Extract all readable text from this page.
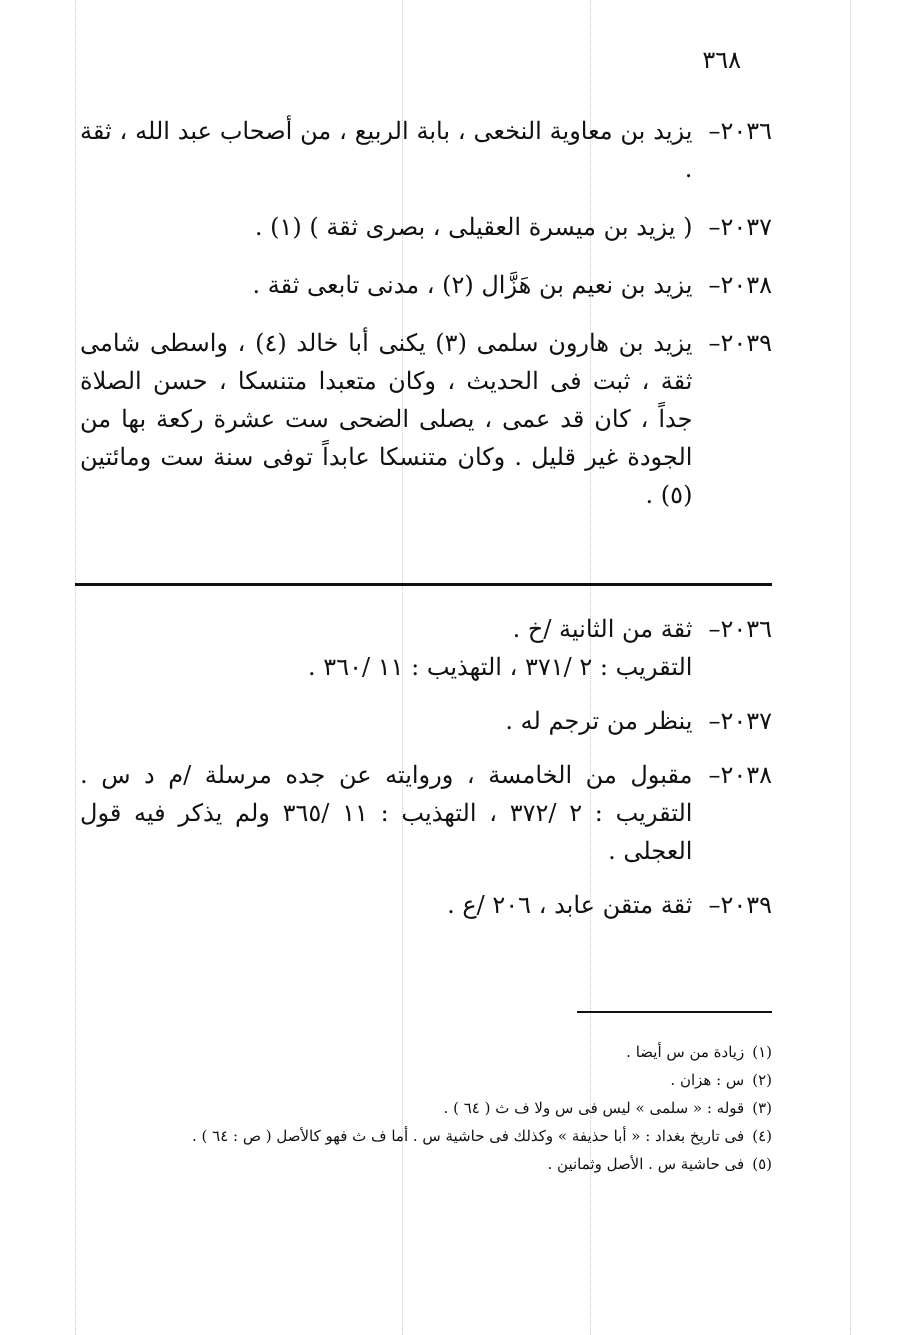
٣٦٨
٢٠٣٦–
يزيد بن معاوية النخعى ، بابة الربيع ، من أصحاب عبد الله ، ثقة .
٢٠٣٧–
( يزيد بن ميسرة العقيلى ، بصرى ثقة ) (١) .
٢٠٣٨–
يزيد بن نعيم بن هَزَّال (٢) ، مدنى تابعى ثقة .
٢٠٣٩–
يزيد بن هارون سلمى (٣) يكنى أبا خالد (٤) ، واسطى شامى ثقة ، ثبت فى الحديث ، وكان متعبدا متنسكا ، حسن الصلاة جداً ، كان قد عمى ، يصلى الضحى ست عشرة ركعة بها من الجودة غير قليل . وكان متنسكا عابداً توفى سنة ست ومائتين (٥) .
٢٠٣٦–
ثقة من الثانية /خ .
التقريب : ٢ /٣٧١ ، التهذيب : ١١ /٣٦٠ .
٢٠٣٧–
ينظر من ترجم له .
٢٠٣٨–
مقبول من الخامسة ، وروايته عن جده مرسلة /م د س . التقريب : ٢ /٣٧٢ ، التهذيب : ١١ /٣٦٥ ولم يذكر فيه قول العجلى .
٢٠٣٩–
ثقة متقن عابد ، ٢٠٦ /ع .

(١)زيادة من س أيضا .

(٢)س : هزان .

(٣)قوله : « سلمى » ليس فى س ولا ف ث ( ٦٤ ) .

(٤)فى تاريخ بغداد : « أبا حذيفة » وكذلك فى حاشية س . أما ف ث فهو كالأصل ( ص : ٦٤ ) .

(٥)فى حاشية س . الأصل وثمانين .
